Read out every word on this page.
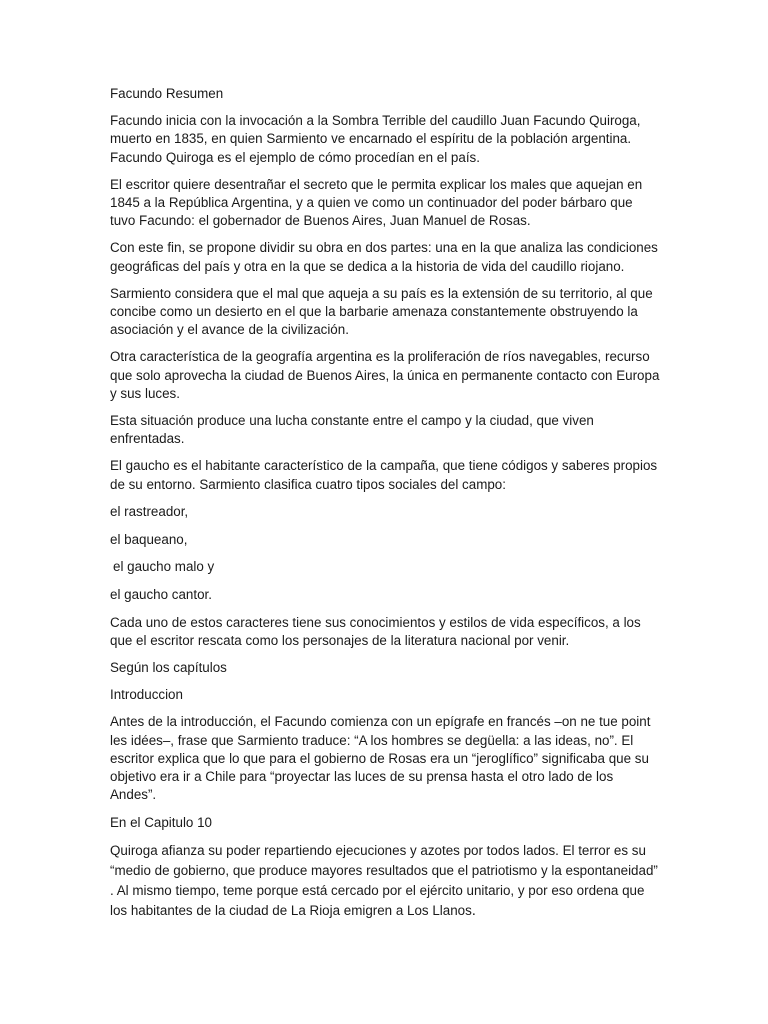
Facundo Resumen

Facundo inicia con la invocación a la Sombra Terrible del caudillo Juan Facundo Quiroga, muerto en 1835, en quien Sarmiento ve encarnado el espíritu de la población argentina. Facundo Quiroga es el ejemplo de cómo procedían en el país.

El escritor quiere desentrañar el secreto que le permita explicar los males que aquejan en 1845 a la República Argentina, y a quien ve como un continuador del poder bárbaro que tuvo Facundo: el gobernador de Buenos Aires, Juan Manuel de Rosas.

Con este fin, se propone dividir su obra en dos partes: una en la que analiza las condiciones geográficas del país y otra en la que se dedica a la historia de vida del caudillo riojano.

Sarmiento considera que el mal que aqueja a su país es la extensión de su territorio, al que concibe como un desierto en el que la barbarie amenaza constantemente obstruyendo la asociación y el avance de la civilización.

Otra característica de la geografía argentina es la proliferación de ríos navegables, recurso que solo aprovecha la ciudad de Buenos Aires, la única en permanente contacto con Europa y sus luces.

Esta situación produce una lucha constante entre el campo y la ciudad, que viven enfrentadas.

El gaucho es el habitante característico de la campaña, que tiene códigos y saberes propios de su entorno. Sarmiento clasifica cuatro tipos sociales del campo:

el rastreador,

el baqueano,

el gaucho malo y

el gaucho cantor.

Cada uno de estos caracteres tiene sus conocimientos y estilos de vida específicos, a los que el escritor rescata como los personajes de la literatura nacional por venir.

Según los capítulos

Introduccion

Antes de la introducción, el Facundo comienza con un epígrafe en francés –on ne tue point les idées–, frase que Sarmiento traduce: “A los hombres se degüella: a las ideas, no”. El escritor explica que lo que para el gobierno de Rosas era un “jeroglífico” significaba que su objetivo era ir a Chile para “proyectar las luces de su prensa hasta el otro lado de los Andes”.

En el Capitulo 10

Quiroga afianza su poder repartiendo ejecuciones y azotes por todos lados. El terror es su “medio de gobierno, que produce mayores resultados que el patriotismo y la espontaneidad” . Al mismo tiempo, teme porque está cercado por el ejército unitario, y por eso ordena que los habitantes de la ciudad de La Rioja emigren a Los Llanos.
